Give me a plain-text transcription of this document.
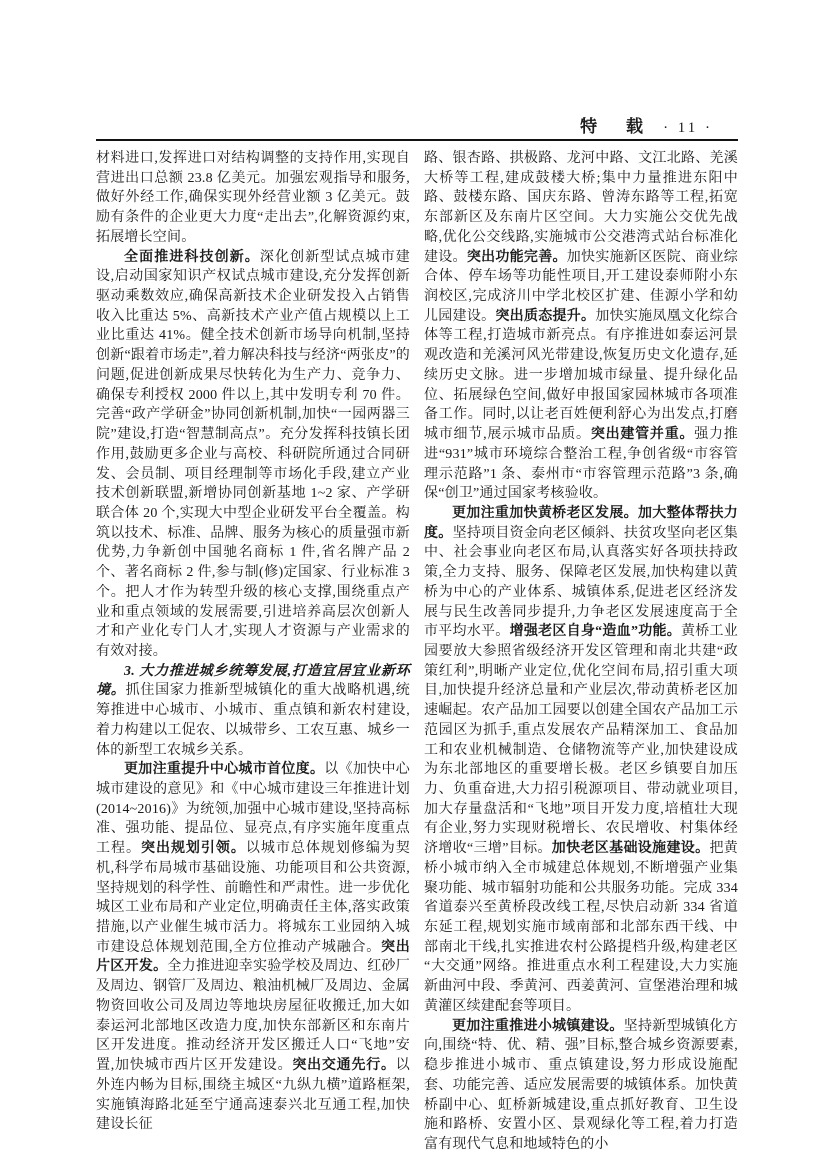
特　载 · 11 ·

材料进口,发挥进口对结构调整的支持作用,实现自营进出口总额 23.8 亿美元。加强宏观指导和服务,做好外经工作,确保实现外经营业额 3 亿美元。鼓励有条件的企业更大力度“走出去”,化解资源约束,拓展增长空间。

全面推进科技创新。深化创新型试点城市建设,启动国家知识产权试点城市建设,充分发挥创新驱动乘数效应,确保高新技术企业研发投入占销售收入比重达 5%、高新技术产业产值占规模以上工业比重达 41%。健全技术创新市场导向机制,坚持创新“跟着市场走”,着力解决科技与经济“两张皮”的问题,促进创新成果尽快转化为生产力、竞争力、确保专利授权 2000 件以上,其中发明专利 70 件。完善“政产学研金”协同创新机制,加快“一园两器三院”建设,打造“智慧制高点”。充分发挥科技镇长团作用,鼓励更多企业与高校、科研院所通过合同研发、会员制、项目经理制等市场化手段,建立产业技术创新联盟,新增协同创新基地 1~2 家、产学研联合体 20 个,实现大中型企业研发平台全覆盖。构筑以技术、标准、品牌、服务为核心的质量强市新优势,力争新创中国驰名商标 1 件,省名牌产品 2 个、著名商标 2 件,参与制(修)定国家、行业标准 3 个。把人才作为转型升级的核心支撑,围绕重点产业和重点领域的发展需要,引进培养高层次创新人才和产业化专门人才,实现人才资源与产业需求的有效对接。

3. 大力推进城乡统筹发展,打造宜居宜业新环境。抓住国家力推新型城镇化的重大战略机遇,统筹推进中心城市、小城市、重点镇和新农村建设,着力构建以工促农、以城带乡、工农互惠、城乡一体的新型工农城乡关系。

更加注重提升中心城市首位度。以《加快中心城市建设的意见》和《中心城市建设三年推进计划(2014~2016)》为统领,加强中心城市建设,坚持高标准、强功能、提品位、显亮点,有序实施年度重点工程。突出规划引领。以城市总体规划修编为契机,科学布局城市基础设施、功能项目和公共资源,坚持规划的科学性、前瞻性和严肃性。进一步优化城区工业布局和产业定位,明确责任主体,落实政策措施,以产业催生城市活力。将城东工业园纳入城市建设总体规划范围,全方位推动产城融合。突出片区开发。全力推进迎幸实验学校及周边、红砂厂及周边、钢管厂及周边、粮油机械厂及周边、金属物资回收公司及周边等地块房屋征收搬迁,加大如泰运河北部地区改造力度,加快东部新区和东南片区开发进度。推动经济开发区搬迁人口“飞地”安置,加快城市西片区开发建设。突出交通先行。以外连内畅为目标,围绕主城区“九纵九横”道路框架,实施镇海路北延至宁通高速泰兴北互通工程,加快建设长征

路、银杏路、拱极路、龙河中路、文江北路、羌溪大桥等工程,建成鼓楼大桥;集中力量推进东阳中路、鼓楼东路、国庆东路、曾涛东路等工程,拓宽东部新区及东南片区空间。大力实施公交优先战略,优化公交线路,实施城市公交港湾式站台标准化建设。突出功能完善。加快实施新区医院、商业综合体、停车场等功能性项目,开工建设泰师附小东润校区,完成济川中学北校区扩建、佳源小学和幼儿园建设。突出质态提升。加快实施凤凰文化综合体等工程,打造城市新亮点。有序推进如泰运河景观改造和羌溪河风光带建设,恢复历史文化遗存,延续历史文脉。进一步增加城市绿量、提升绿化品位、拓展绿色空间,做好申报国家园林城市各项准备工作。同时,以让老百姓便利舒心为出发点,打磨城市细节,展示城市品质。突出建管并重。强力推进“931”城市环境综合整治工程,争创省级“市容管理示范路”1 条、泰州市“市容管理示范路”3 条,确保“创卫”通过国家考核验收。

更加注重加快黄桥老区发展。加大整体帮扶力度。坚持项目资金向老区倾斜、扶贫攻坚向老区集中、社会事业向老区布局,认真落实好各项扶持政策,全力支持、服务、保障老区发展,加快构建以黄桥为中心的产业体系、城镇体系,促进老区经济发展与民生改善同步提升,力争老区发展速度高于全市平均水平。增强老区自身“造血”功能。黄桥工业园要放大参照省级经济开发区管理和南北共建“政策红利”,明晰产业定位,优化空间布局,招引重大项目,加快提升经济总量和产业层次,带动黄桥老区加速崛起。农产品加工园要以创建全国农产品加工示范园区为抓手,重点发展农产品精深加工、食品加工和农业机械制造、仓储物流等产业,加快建设成为东北部地区的重要增长极。老区乡镇要自加压力、负重奋进,大力招引税源项目、带动就业项目,加大存量盘活和“飞地”项目开发力度,培植壮大现有企业,努力实现财税增长、农民增收、村集体经济增收“三增”目标。加快老区基础设施建设。把黄桥小城市纳入全市城建总体规划,不断增强产业集聚功能、城市辐射功能和公共服务功能。完成 334 省道泰兴至黄桥段改线工程,尽快启动新 334 省道东延工程,规划实施市域南部和北部东西干线、中部南北干线,扎实推进农村公路提档升级,构建老区“大交通”网络。推进重点水利工程建设,大力实施新曲河中段、季黄河、西姜黄河、宣堡港治理和城黄灌区续建配套等项目。

更加注重推进小城镇建设。坚持新型城镇化方向,围绕“特、优、精、强”目标,整合城乡资源要素,稳步推进小城市、重点镇建设,努力形成设施配套、功能完善、适应发展需要的城镇体系。加快黄桥副中心、虹桥新城建设,重点抓好教育、卫生设施和路桥、安置小区、景观绿化等工程,着力打造富有现代气息和地域特色的小
